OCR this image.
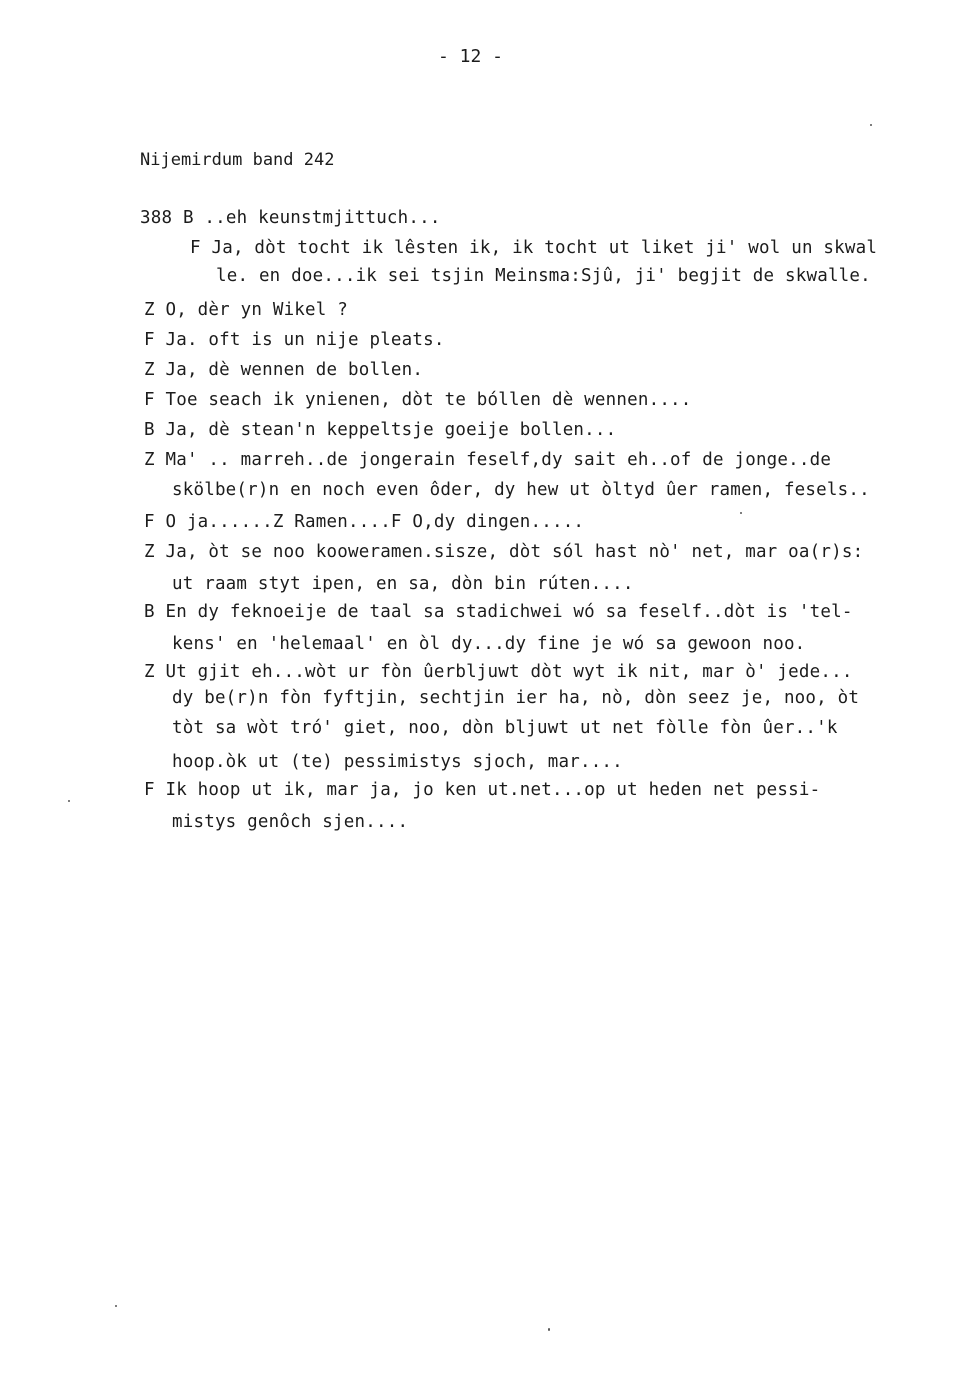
- 12 -
Nijemirdum band 242
388 B ..eh keunstmjittuch...
F Ja, dòt tocht ik lêsten ik, ik tocht ut liket ji' wol un skwal
le. en doe...ik sei tsjin Meinsma:Sjû, ji' begjit de skwalle.
Z O, dèr yn Wikel ?
F Ja. oft is un nije pleats.
Z Ja, dè wennen de bollen.
F Toe seach ik ynienen, dòt te bóllen dè wennen....
B Ja, dè stean'n keppeltsje goeije bollen...
Z Ma' .. marreh..de jongerain feself,dy sait eh..of de jonge..de
skölbe(r)n en noch even ôder, dy hew ut òltyd ûer ramen, fesels..
F O ja......Z Ramen....F O,dy dingen.....
Z Ja, òt se noo kooweramen.sisze, dòt sól hast nò' net, mar oa(r)s:
ut raam styt ipen, en sa, dòn bin rúten....
B En dy feknoeije de taal sa stadichwei wó sa feself..dòt is 'tel-
kens' en 'helemaal' en òl dy...dy fine je wó sa gewoon noo.
Z Ut gjit eh...wòt ur fòn ûerbljuwt dòt wyt ik nit, mar ò' jede...
dy be(r)n fòn fyftjin, sechtjin ier ha, nò, dòn seez je, noo, òt
tòt sa wòt tró' giet, noo, dòn bljuwt ut net fòlle fòn ûer..'k
hoop.òk ut (te) pessimistys sjoch, mar....
F Ik hoop ut ik, mar ja, jo ken ut.net...op ut heden net pessi-
mistys genôch sjen....
